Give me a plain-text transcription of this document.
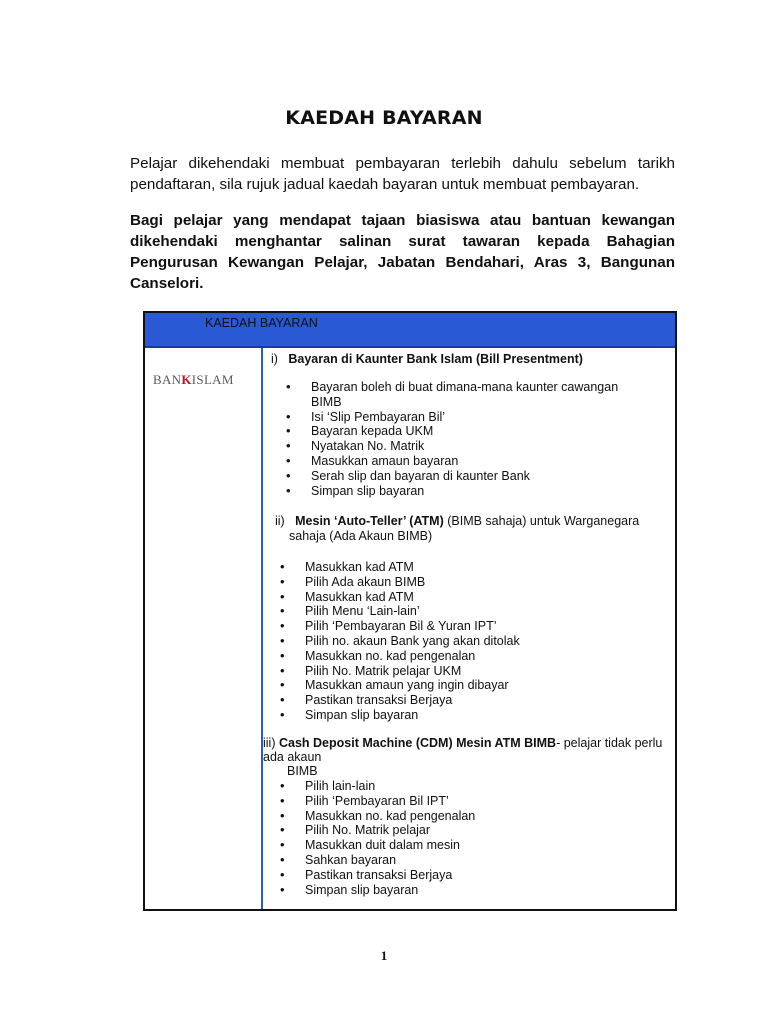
KAEDAH BAYARAN
Pelajar dikehendaki membuat pembayaran terlebih dahulu sebelum tarikh pendaftaran, sila rujuk jadual kaedah bayaran untuk membuat pembayaran.
Bagi pelajar yang mendapat tajaan biasiswa atau bantuan kewangan dikehendaki menghantar salinan surat tawaran kepada Bahagian Pengurusan Kewangan Pelajar, Jabatan Bendahari, Aras 3, Bangunan Canselori.
KAEDAH BAYARAN
BANKISLAM
i) Bayaran di Kaunter Bank Islam (Bill Presentment)
• Bayaran boleh di buat dimana-mana kaunter cawangan BIMB
• Isi ‘Slip Pembayaran Bil’
• Bayaran kepada UKM
• Nyatakan No. Matrik
• Masukkan amaun bayaran
• Serah slip dan bayaran di kaunter Bank
• Simpan slip bayaran
ii) Mesin ‘Auto-Teller’ (ATM) (BIMB sahaja) untuk Warganegara
sahaja (Ada Akaun BIMB)
• Masukkan kad ATM
• Pilih Ada akaun BIMB
• Masukkan kad ATM
• Pilih Menu ‘Lain-lain’
• Pilih ‘Pembayaran Bil & Yuran IPT’
• Pilih no. akaun Bank yang akan ditolak
• Masukkan no. kad pengenalan
• Pilih No. Matrik pelajar UKM
• Masukkan amaun yang ingin dibayar
• Pastikan transaksi Berjaya
• Simpan slip bayaran
iii) Cash Deposit Machine (CDM) Mesin ATM BIMB- pelajar tidak perlu
ada akaun
BIMB
• Pilih lain-lain
• Pilih ‘Pembayaran Bil IPT’
• Masukkan no. kad pengenalan
• Pilih No. Matrik pelajar
• Masukkan duit dalam mesin
• Sahkan bayaran
• Pastikan transaksi Berjaya
• Simpan slip bayaran
1
